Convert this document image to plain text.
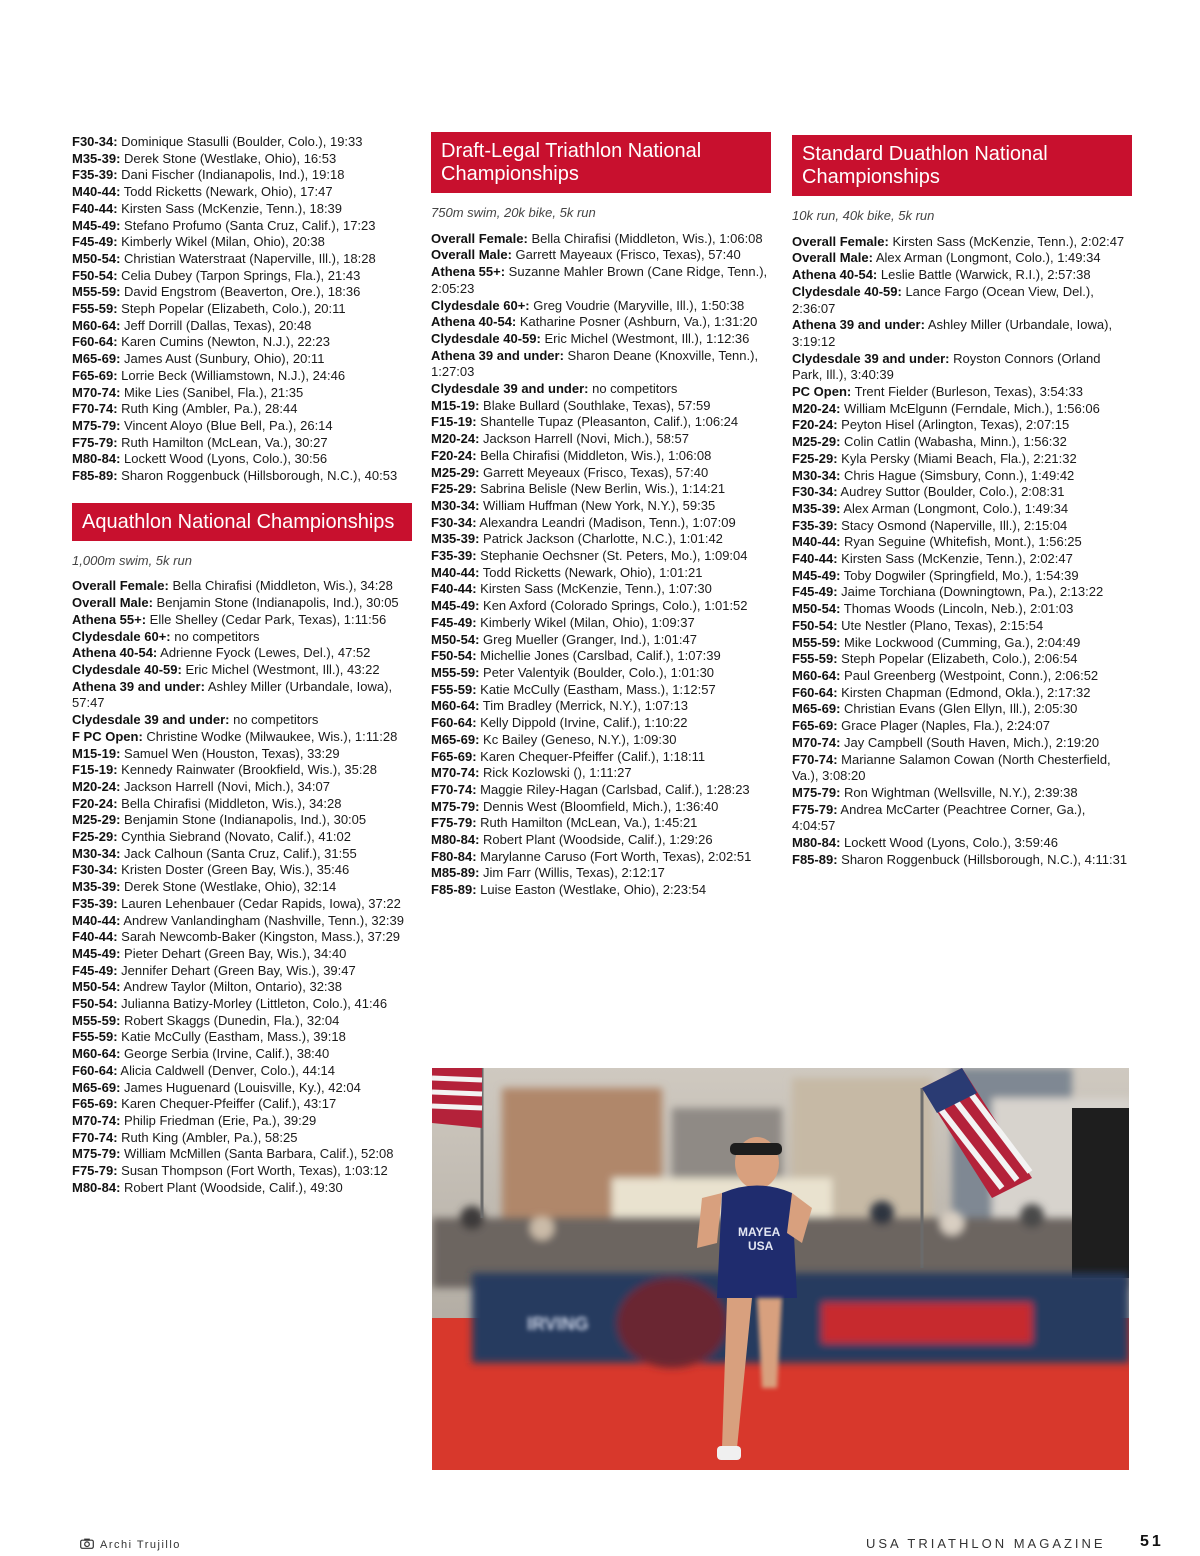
F30-34: Dominique Stasulli (Boulder, Colo.), 19:33
M35-39: Derek Stone (Westlake, Ohio), 16:53
F35-39: Dani Fischer (Indianapolis, Ind.), 19:18
M40-44: Todd Ricketts (Newark, Ohio), 17:47
F40-44: Kirsten Sass (McKenzie, Tenn.), 18:39
M45-49: Stefano Profumo (Santa Cruz, Calif.), 17:23
F45-49: Kimberly Wikel (Milan, Ohio), 20:38
M50-54: Christian Waterstraat (Naperville, Ill.), 18:28
F50-54: Celia Dubey (Tarpon Springs, Fla.), 21:43
M55-59: David Engstrom (Beaverton, Ore.), 18:36
F55-59: Steph Popelar (Elizabeth, Colo.), 20:11
M60-64: Jeff Dorrill (Dallas, Texas), 20:48
F60-64: Karen Cumins (Newton, N.J.), 22:23
M65-69: James Aust (Sunbury, Ohio), 20:11
F65-69: Lorrie Beck (Williamstown, N.J.), 24:46
M70-74: Mike Lies (Sanibel, Fla.), 21:35
F70-74: Ruth King (Ambler, Pa.), 28:44
M75-79: Vincent Aloyo (Blue Bell, Pa.), 26:14
F75-79: Ruth Hamilton (McLean, Va.), 30:27
M80-84: Lockett Wood (Lyons, Colo.), 30:56
F85-89: Sharon Roggenbuck (Hillsborough, N.C.), 40:53
Aquathlon National Championships
1,000m swim, 5k run
Overall Female: Bella Chirafisi (Middleton, Wis.), 34:28
Overall Male: Benjamin Stone (Indianapolis, Ind.), 30:05
Athena 55+: Elle Shelley (Cedar Park, Texas), 1:11:56
Clydesdale 60+: no competitors
Athena 40-54: Adrienne Fyock (Lewes, Del.), 47:52
Clydesdale 40-59: Eric Michel (Westmont, Ill.), 43:22
Athena 39 and under: Ashley Miller (Urbandale, Iowa), 57:47
Clydesdale 39 and under: no competitors
F PC Open: Christine Wodke (Milwaukee, Wis.), 1:11:28
M15-19: Samuel Wen (Houston, Texas), 33:29
F15-19: Kennedy Rainwater (Brookfield, Wis.), 35:28
M20-24: Jackson Harrell (Novi, Mich.), 34:07
F20-24: Bella Chirafisi (Middleton, Wis.), 34:28
M25-29: Benjamin Stone (Indianapolis, Ind.), 30:05
F25-29: Cynthia Siebrand (Novato, Calif.), 41:02
M30-34: Jack Calhoun (Santa Cruz, Calif.), 31:55
F30-34: Kristen Doster (Green Bay, Wis.), 35:46
M35-39: Derek Stone (Westlake, Ohio), 32:14
F35-39: Lauren Lehenbauer (Cedar Rapids, Iowa), 37:22
M40-44: Andrew Vanlandingham (Nashville, Tenn.), 32:39
F40-44: Sarah Newcomb-Baker (Kingston, Mass.), 37:29
M45-49: Pieter Dehart (Green Bay, Wis.), 34:40
F45-49: Jennifer Dehart (Green Bay, Wis.), 39:47
M50-54: Andrew Taylor (Milton, Ontario), 32:38
F50-54: Julianna Batizy-Morley (Littleton, Colo.), 41:46
M55-59: Robert Skaggs (Dunedin, Fla.), 32:04
F55-59: Katie McCully (Eastham, Mass.), 39:18
M60-64: George Serbia (Irvine, Calif.), 38:40
F60-64: Alicia Caldwell (Denver, Colo.), 44:14
M65-69: James Huguenard (Louisville, Ky.), 42:04
F65-69: Karen Chequer-Pfeiffer (Calif.), 43:17
M70-74: Philip Friedman (Erie, Pa.), 39:29
F70-74: Ruth King (Ambler, Pa.), 58:25
M75-79: William McMillen (Santa Barbara, Calif.), 52:08
F75-79: Susan Thompson (Fort Worth, Texas), 1:03:12
M80-84: Robert Plant (Woodside, Calif.), 49:30
Draft-Legal Triathlon National Championships
750m swim, 20k bike, 5k run
Overall Female: Bella Chirafisi (Middleton, Wis.), 1:06:08
Overall Male: Garrett Mayeaux (Frisco, Texas), 57:40
Athena 55+: Suzanne Mahler Brown (Cane Ridge, Tenn.), 2:05:23
Clydesdale 60+: Greg Voudrie (Maryville, Ill.), 1:50:38
Athena 40-54: Katharine Posner (Ashburn, Va.), 1:31:20
Clydesdale 40-59: Eric Michel (Westmont, Ill.), 1:12:36
Athena 39 and under: Sharon Deane (Knoxville, Tenn.), 1:27:03
Clydesdale 39 and under: no competitors
M15-19: Blake Bullard (Southlake, Texas), 57:59
F15-19: Shantelle Tupaz (Pleasanton, Calif.), 1:06:24
M20-24: Jackson Harrell (Novi, Mich.), 58:57
F20-24: Bella Chirafisi (Middleton, Wis.), 1:06:08
M25-29: Garrett Meyeaux (Frisco, Texas), 57:40
F25-29: Sabrina Belisle (New Berlin, Wis.), 1:14:21
M30-34: William Huffman (New York, N.Y.), 59:35
F30-34: Alexandra Leandri (Madison, Tenn.), 1:07:09
M35-39: Patrick Jackson (Charlotte, N.C.), 1:01:42
F35-39: Stephanie Oechsner (St. Peters, Mo.), 1:09:04
M40-44: Todd Ricketts (Newark, Ohio), 1:01:21
F40-44: Kirsten Sass (McKenzie, Tenn.), 1:07:30
M45-49: Ken Axford (Colorado Springs, Colo.), 1:01:52
F45-49: Kimberly Wikel (Milan, Ohio), 1:09:37
M50-54: Greg Mueller (Granger, Ind.), 1:01:47
F50-54: Michellie Jones (Carslbad, Calif.), 1:07:39
M55-59: Peter Valentyik (Boulder, Colo.), 1:01:30
F55-59: Katie McCully (Eastham, Mass.), 1:12:57
M60-64: Tim Bradley (Merrick, N.Y.), 1:07:13
F60-64: Kelly Dippold (Irvine, Calif.), 1:10:22
M65-69: Kc Bailey (Geneso, N.Y.), 1:09:30
F65-69: Karen Chequer-Pfeiffer (Calif.), 1:18:11
M70-74: Rick Kozlowski (), 1:11:27
F70-74: Maggie Riley-Hagan (Carlsbad, Calif.), 1:28:23
M75-79: Dennis West (Bloomfield, Mich.), 1:36:40
F75-79: Ruth Hamilton (McLean, Va.), 1:45:21
M80-84: Robert Plant (Woodside, Calif.), 1:29:26
F80-84: Marylanne Caruso (Fort Worth, Texas), 2:02:51
M85-89: Jim Farr (Willis, Texas), 2:12:17
F85-89: Luise Easton (Westlake, Ohio), 2:23:54
Standard Duathlon National Championships
10k run, 40k bike, 5k run
Overall Female: Kirsten Sass (McKenzie, Tenn.), 2:02:47
Overall Male: Alex Arman (Longmont, Colo.), 1:49:34
Athena 40-54: Leslie Battle (Warwick, R.I.), 2:57:38
Clydesdale 40-59: Lance Fargo (Ocean View, Del.), 2:36:07
Athena 39 and under: Ashley Miller (Urbandale, Iowa), 3:19:12
Clydesdale 39 and under: Royston Connors (Orland Park, Ill.), 3:40:39
PC Open: Trent Fielder (Burleson, Texas), 3:54:33
M20-24: William McElgunn (Ferndale, Mich.), 1:56:06
F20-24: Peyton Hisel (Arlington, Texas), 2:07:15
M25-29: Colin Catlin (Wabasha, Minn.), 1:56:32
F25-29: Kyla Persky (Miami Beach, Fla.), 2:21:32
M30-34: Chris Hague (Simsbury, Conn.), 1:49:42
F30-34: Audrey Suttor (Boulder, Colo.), 2:08:31
M35-39: Alex Arman (Longmont, Colo.), 1:49:34
F35-39: Stacy Osmond (Naperville, Ill.), 2:15:04
M40-44: Ryan Seguine (Whitefish, Mont.), 1:56:25
F40-44: Kirsten Sass (McKenzie, Tenn.), 2:02:47
M45-49: Toby Dogwiler (Springfield, Mo.), 1:54:39
F45-49: Jaime Torchiana (Downingtown, Pa.), 2:13:22
M50-54: Thomas Woods (Lincoln, Neb.), 2:01:03
F50-54: Ute Nestler (Plano, Texas), 2:15:54
M55-59: Mike Lockwood (Cumming, Ga.), 2:04:49
F55-59: Steph Popelar (Elizabeth, Colo.), 2:06:54
M60-64: Paul Greenberg (Westpoint, Conn.), 2:06:52
F60-64: Kirsten Chapman (Edmond, Okla.), 2:17:32
M65-69: Christian Evans (Glen Ellyn, Ill.), 2:05:30
F65-69: Grace Plager (Naples, Fla.), 2:24:07
M70-74: Jay Campbell (South Haven, Mich.), 2:19:20
F70-74: Marianne Salamon Cowan (North Chesterfield, Va.), 3:08:20
M75-79: Ron Wightman (Wellsville, N.Y.), 2:39:38
F75-79: Andrea McCarter (Peachtree Corner, Ga.), 4:04:57
M80-84: Lockett Wood (Lyons, Colo.), 3:59:46
F85-89: Sharon Roggenbuck (Hillsborough, N.C.), 4:11:31
IRVING
MAYEA
USA
Archi Trujillo	USA TRIATHLON MAGAZINE 51
